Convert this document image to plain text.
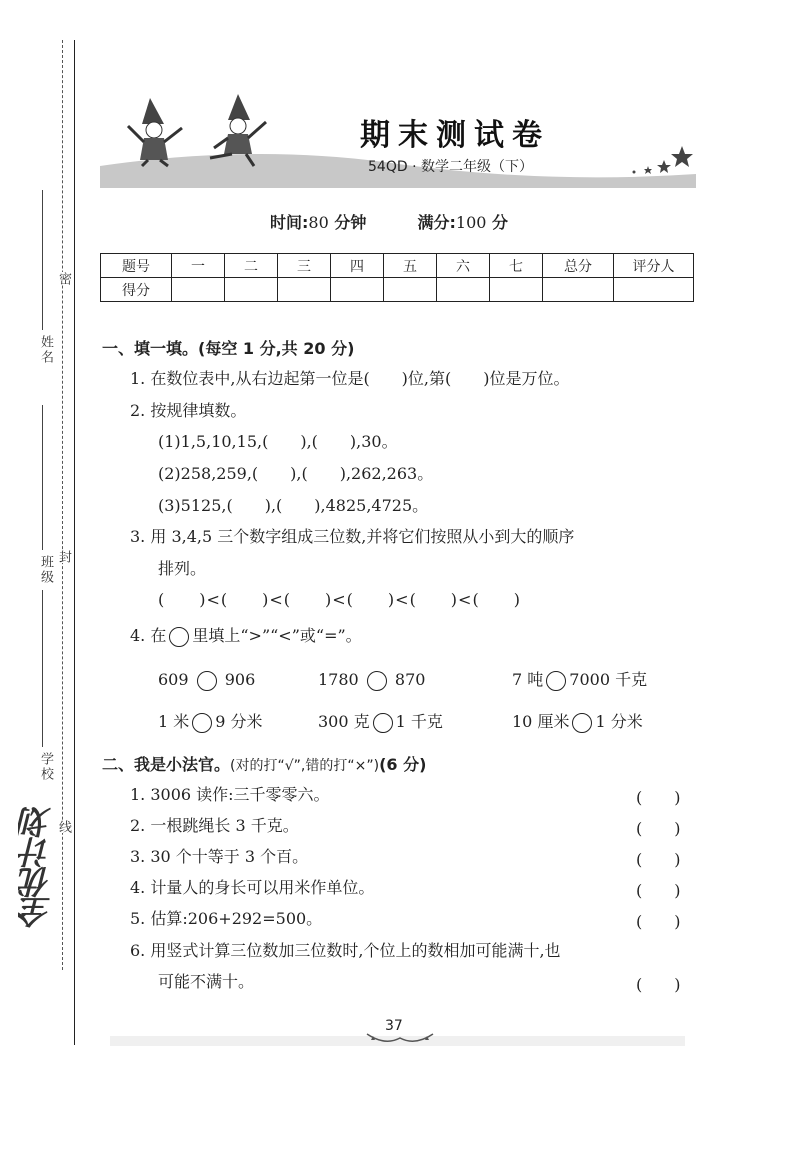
姓名
班级
学校
密
封
线
全优计划
期末测试卷
54QD · 数学二年级（下）
时间:80 分钟	满分:100 分
题号	一	二	三	四	五	六	七	总分	评分人
得分									
一、填一填。(每空 1 分,共 20 分)
1. 在数位表中,从右边起第一位是(　　)位,第(　　)位是万位。
2. 按规律填数。
(1)1,5,10,15,(　　),(　　),30。
(2)258,259,(　　),(　　),262,263。
(3)5125,(　　),(　　),4825,4725。
3. 用 3,4,5 三个数字组成三位数,并将它们按照从小到大的顺序
排列。
(　　)<(　　)<(　　)<(　　)<(　　)<(　　)
4. 在 里填上“>”“<”或“=”。
609 906	1780 870	7 吨 7000 千克
1 米 9 分米	300 克 1 千克	10 厘米 1 分米
二、我是小法官。(对的打“√”,错的打“×”)(6 分)
1. 3006 读作:三千零零六。	(　　)
2. 一根跳绳长 3 千克。	(　　)
3. 30 个十等于 3 个百。	(　　)
4. 计量人的身长可以用米作单位。	(　　)
5. 估算:206+292=500。	(　　)
6. 用竖式计算三位数加三位数时,个位上的数相加可能满十,也
可能不满十。	(　　)
37
